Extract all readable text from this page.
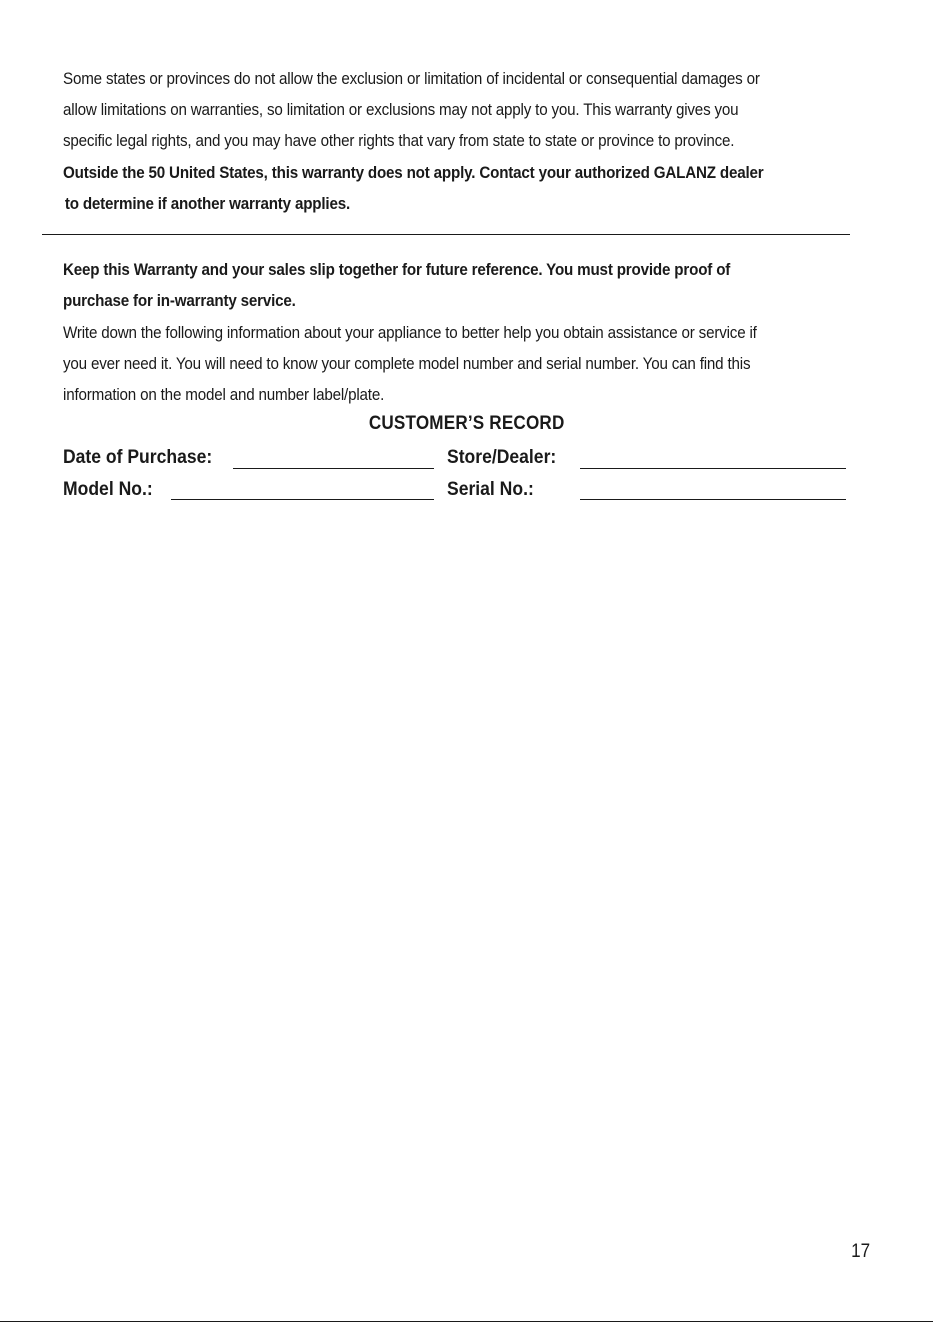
Some states or provinces do not allow the exclusion or limitation of incidental or consequential damages or
allow limitations on warranties, so limitation or exclusions may not apply to you. This warranty gives you
specific legal rights, and you may have other rights that vary from state to state or province to province.
Outside the 50 United States, this warranty does not apply. Contact your authorized GALANZ dealer
to determine if another warranty applies.
Keep this Warranty and your sales slip together for future reference. You must provide proof of
purchase for in-warranty service.
Write down the following information about your appliance to better help you obtain assistance or service if
you ever need it. You will need to know your complete model number and serial number. You can find this
information on the model and number label/plate.
CUSTOMER’S RECORD
Date of Purchase:	Store/Dealer:
Model No.:	Serial No.:
17
